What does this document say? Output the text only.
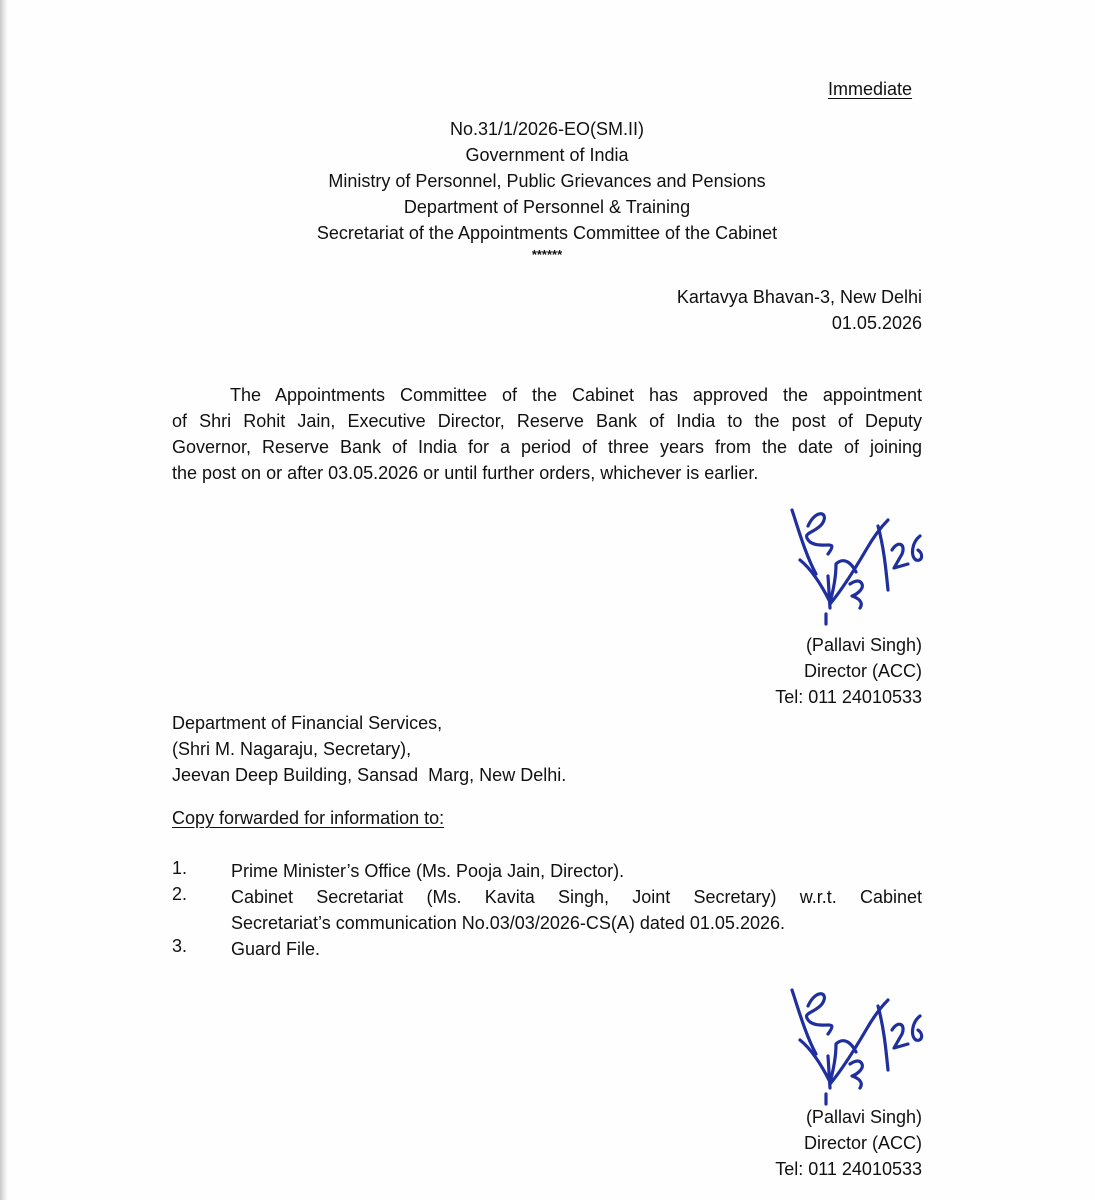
Immediate
No.31/1/2026-EO(SM.II)
Government of India
Ministry of Personnel, Public Grievances and Pensions
Department of Personnel & Training
Secretariat of the Appointments Committee of the Cabinet
******
Kartavya Bhavan-3, New Delhi
01.05.2026
The Appointments Committee of the Cabinet has approved the appointment
of Shri Rohit Jain, Executive Director, Reserve Bank of India to the post of Deputy
Governor, Reserve Bank of India for a period of three years from the date of joining
the post on or after 03.05.2026 or until further orders, whichever is earlier.
(Pallavi Singh)
Director (ACC)
Tel: 011 24010533
Department of Financial Services,
(Shri M. Nagaraju, Secretary),
Jeevan Deep Building, Sansad  Marg, New Delhi.
Copy forwarded for information to:
1.	Prime Minister’s Office (Ms. Pooja Jain, Director).
2.	Cabinet Secretariat (Ms. Kavita Singh, Joint Secretary) w.r.t. Cabinet
Secretariat’s communication No.03/03/2026-CS(A) dated 01.05.2026.
3.	Guard File.
(Pallavi Singh)
Director (ACC)
Tel: 011 24010533
